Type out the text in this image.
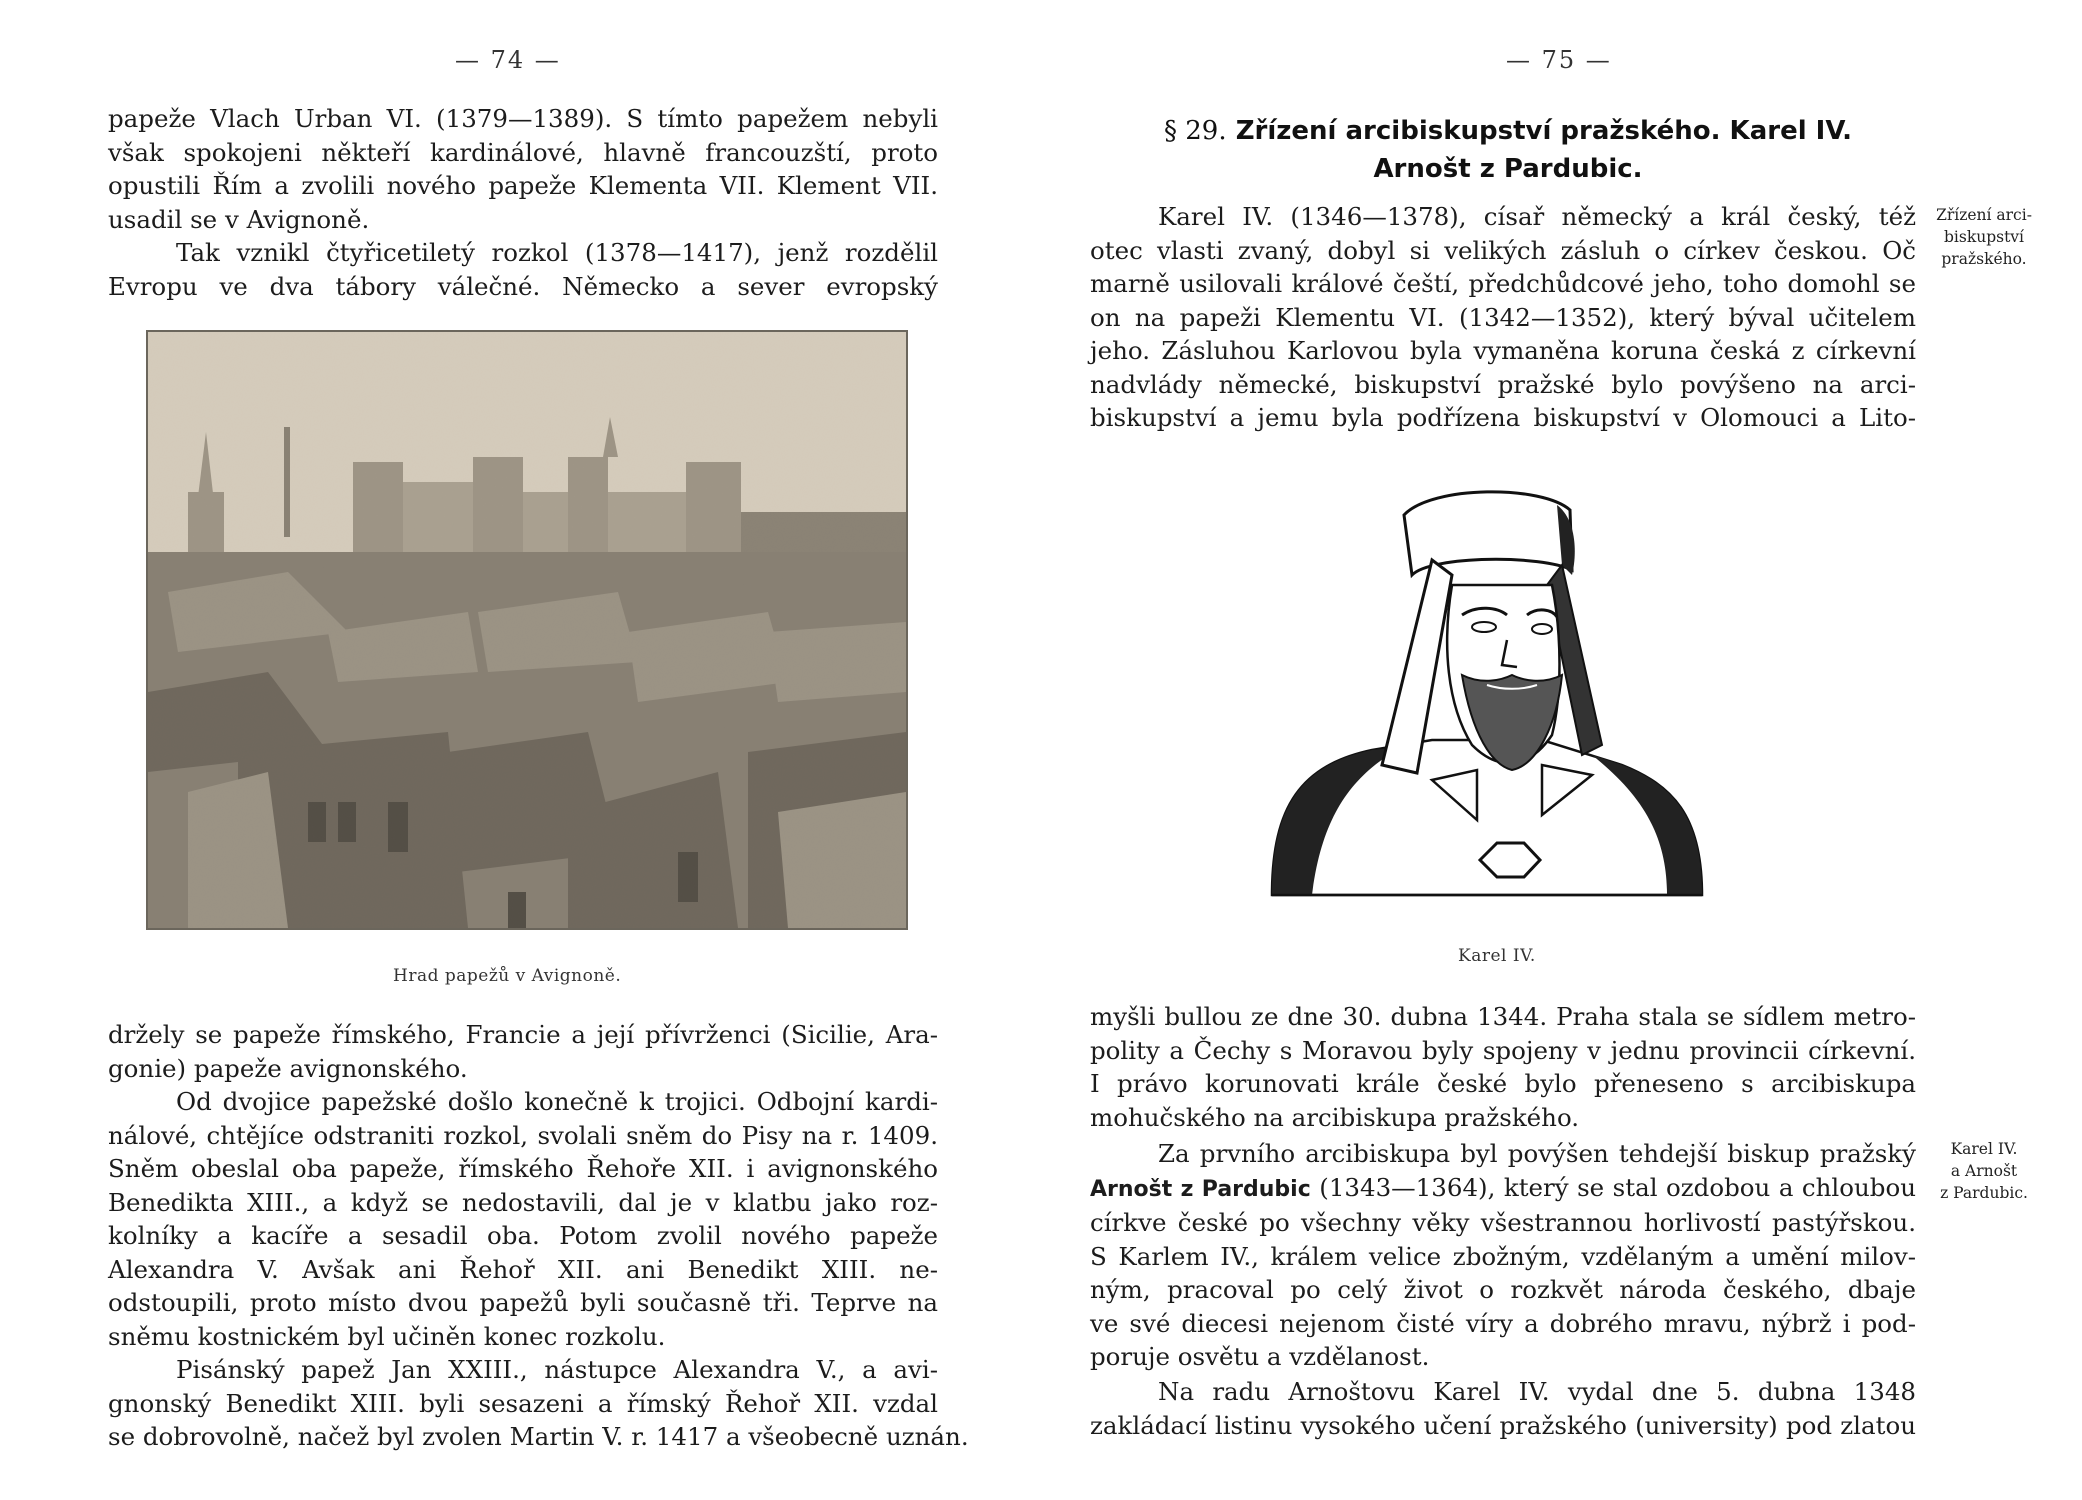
— 74 —
papeže Vlach Urban VI. (1379—1389). S tímto papežem nebyli
však spokojeni někteří kardinálové, hlavně francouzští, proto
opustili Řím a zvolili nového papeže Klementa VII. Klement VII.
usadil se v Avignoně.
Tak vznikl čtyřicetiletý rozkol (1378—1417), jenž rozdělil
Evropu ve dva tábory válečné. Německo a sever evropský
Hrad papežů v Avignoně.
držely se papeže římského, Francie a její přívrženci (Sicilie, Ara-
gonie) papeže avignonského.
Od dvojice papežské došlo konečně k trojici. Odbojní kardi-
nálové, chtějíce odstraniti rozkol, svolali sněm do Pisy na r. 1409.
Sněm obeslal oba papeže, římského Řehoře XII. i avignonského
Benedikta XIII., a když se nedostavili, dal je v klatbu jako roz-
kolníky a kacíře a sesadil oba. Potom zvolil nového papeže
Alexandra V. Avšak ani Řehoř XII. ani Benedikt XIII. ne-
odstoupili, proto místo dvou papežů byli současně tři. Teprve na
sněmu kostnickém byl učiněn konec rozkolu.
Pisánský papež Jan XXIII., nástupce Alexandra V., a avi-
gnonský Benedikt XIII. byli sesazeni a římský Řehoř XII. vzdal
se dobrovolně, načež byl zvolen Martin V. r. 1417 a všeobecně uznán.
— 75 —
§ 29. Zřízení arcibiskupství pražského. Karel IV.
Arnošt z Pardubic.
Karel IV. (1346—1378), císař německý a král český, též
otec vlasti zvaný, dobyl si velikých zásluh o církev českou. Oč
marně usilovali králové čeští, předchůdcové jeho, toho domohl se
on na papeži Klementu VI. (1342—1352), který býval učitelem
jeho. Zásluhou Karlovou byla vymaněna koruna česká z církevní
nadvlády německé, biskupství pražské bylo povýšeno na arci-
biskupství a jemu byla podřízena biskupství v Olomouci a Lito-
Zřízení arci-
biskupství
pražského.
Karel IV.
myšli bullou ze dne 30. dubna 1344. Praha stala se sídlem metro-
polity a Čechy s Moravou byly spojeny v jednu provincii církevní.
I právo korunovati krále české bylo přeneseno s arcibiskupa
mohučského na arcibiskupa pražského.
Za prvního arcibiskupa byl povýšen tehdejší biskup pražský
Arnošt z Pardubic (1343—1364), který se stal ozdobou a chloubou
církve české po všechny věky všestrannou horlivostí pastýřskou.
S Karlem IV., králem velice zbožným, vzdělaným a umění milov-
ným, pracoval po celý život o rozkvět národa českého, dbaje
ve své diecesi nejenom čisté víry a dobrého mravu, nýbrž i pod-
poruje osvětu a vzdělanost.
Karel IV.
a Arnošt
z Pardubic.
Na radu Arnoštovu Karel IV. vydal dne 5. dubna 1348
zakládací listinu vysokého učení pražského (university) pod zlatou
